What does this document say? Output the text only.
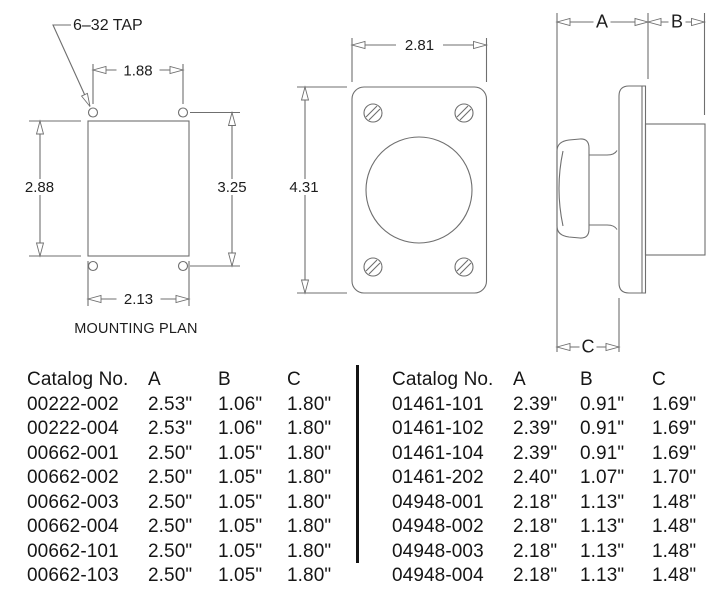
1.88
2.88	3.25
2.13
6–32 TAP
MOUNTING PLAN
2.81
4.31
A	B
C
Catalog No.	A	B	C
00222-002	2.53"	1.06"	1.80"
00222-004	2.53"	1.06"	1.80"
00662-001	2.50"	1.05"	1.80"
00662-002	2.50"	1.05"	1.80"
00662-003	2.50"	1.05"	1.80"
00662-004	2.50"	1.05"	1.80"
00662-101	2.50"	1.05"	1.80"
00662-103	2.50"	1.05"	1.80"
Catalog No.	A	B	C
01461-101	2.39"	0.91"	1.69"
01461-102	2.39"	0.91"	1.69"
01461-104	2.39"	0.91"	1.69"
01461-202	2.40"	1.07"	1.70"
04948-001	2.18"	1.13"	1.48"
04948-002	2.18"	1.13"	1.48"
04948-003	2.18"	1.13"	1.48"
04948-004	2.18"	1.13"	1.48"
